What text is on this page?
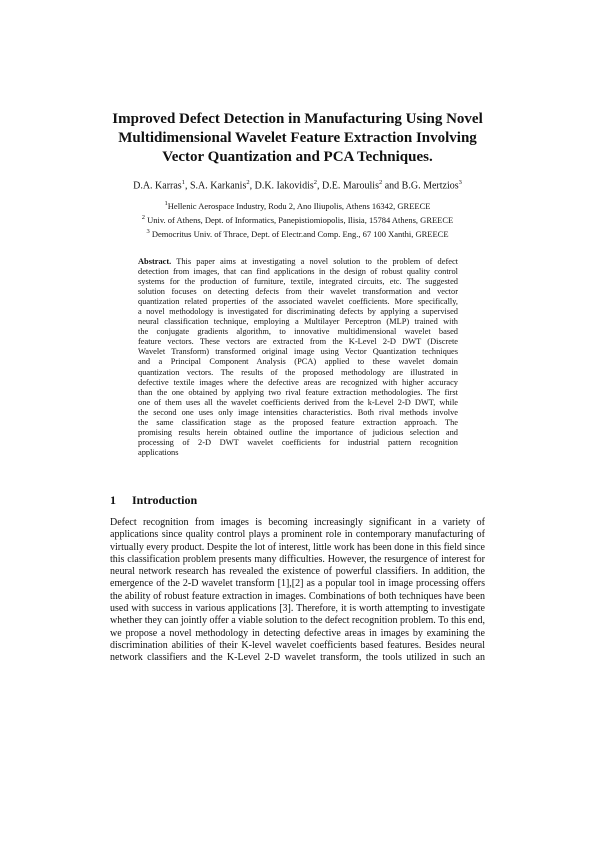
Improved Defect Detection in Manufacturing Using Novel
Multidimensional Wavelet Feature Extraction Involving
Vector Quantization and PCA Techniques.
D.A. Karras$^1$, S.A. Karkanis$^2$, D.K. Iakovidis$^2$, D.E. Maroulis$^2$ and B.G. Mertzios$^3$
$^1$Hellenic Aerospace Industry, Rodu 2, Ano Iliupolis, Athens 16342, GREECE
$^2$ Univ. of Athens, Dept. of Informatics, Panepistiomiopolis, Ilisia, 15784 Athens, GREECE
$^3$ Democritus Univ. of Thrace, Dept. of Electr.and Comp. Eng., 67 100 Xanthi, GREECE
Abstract. This paper aims at investigating a novel solution to the problem of defect
detection from images, that can find applications in the design of robust quality control
systems for the production of furniture, textile, integrated circuits, etc. The suggested
solution focuses on detecting defects from their wavelet transformation and vector
quantization related properties of the associated wavelet coefficients. More specifically,
a novel methodology is investigated for discriminating defects by applying a supervised
neural classification technique, employing a Multilayer Perceptron (MLP) trained with
the conjugate gradients algorithm, to innovative multidimensional wavelet based
feature vectors. These vectors are extracted from the K-Level 2-D DWT (Discrete
Wavelet Transform) transformed original image using Vector Quantization techniques
and a Principal Component Analysis (PCA) applied to these wavelet domain
quantization vectors. The results of the proposed methodology are illustrated in
defective textile images where the defective areas are recognized with higher accuracy
than the one obtained by applying two rival feature extraction methodologies. The first
one of them uses all the wavelet coefficients derived from the k-Level 2-D DWT, while
the second one uses only image intensities characteristics. Both rival methods involve
the same classification stage as the proposed feature extraction approach. The
promising results herein obtained outline the importance of judicious selection and
processing of 2-D DWT wavelet coefficients for industrial pattern recognition
applications
1 Introduction
Defect recognition from images is becoming increasingly significant in a variety of
applications since quality control plays a prominent role in contemporary manufacturing of
virtually every product. Despite the lot of interest, little work has been done in this field since
this classification problem presents many difficulties. However, the resurgence of interest for
neural network research has revealed the existence of powerful classifiers. In addition, the
emergence of the 2-D wavelet transform [1],[2] as a popular tool in image processing offers
the ability of robust feature extraction in images. Combinations of both techniques have been
used with success in various applications [3]. Therefore, it is worth attempting to investigate
whether they can jointly offer a viable solution to the defect recognition problem. To this end,
we propose a novel methodology in detecting defective areas in images by examining the
discrimination abilities of their K-level wavelet coefficients based features. Besides neural
network classifiers and the K-Level 2-D wavelet transform, the tools utilized in such an
